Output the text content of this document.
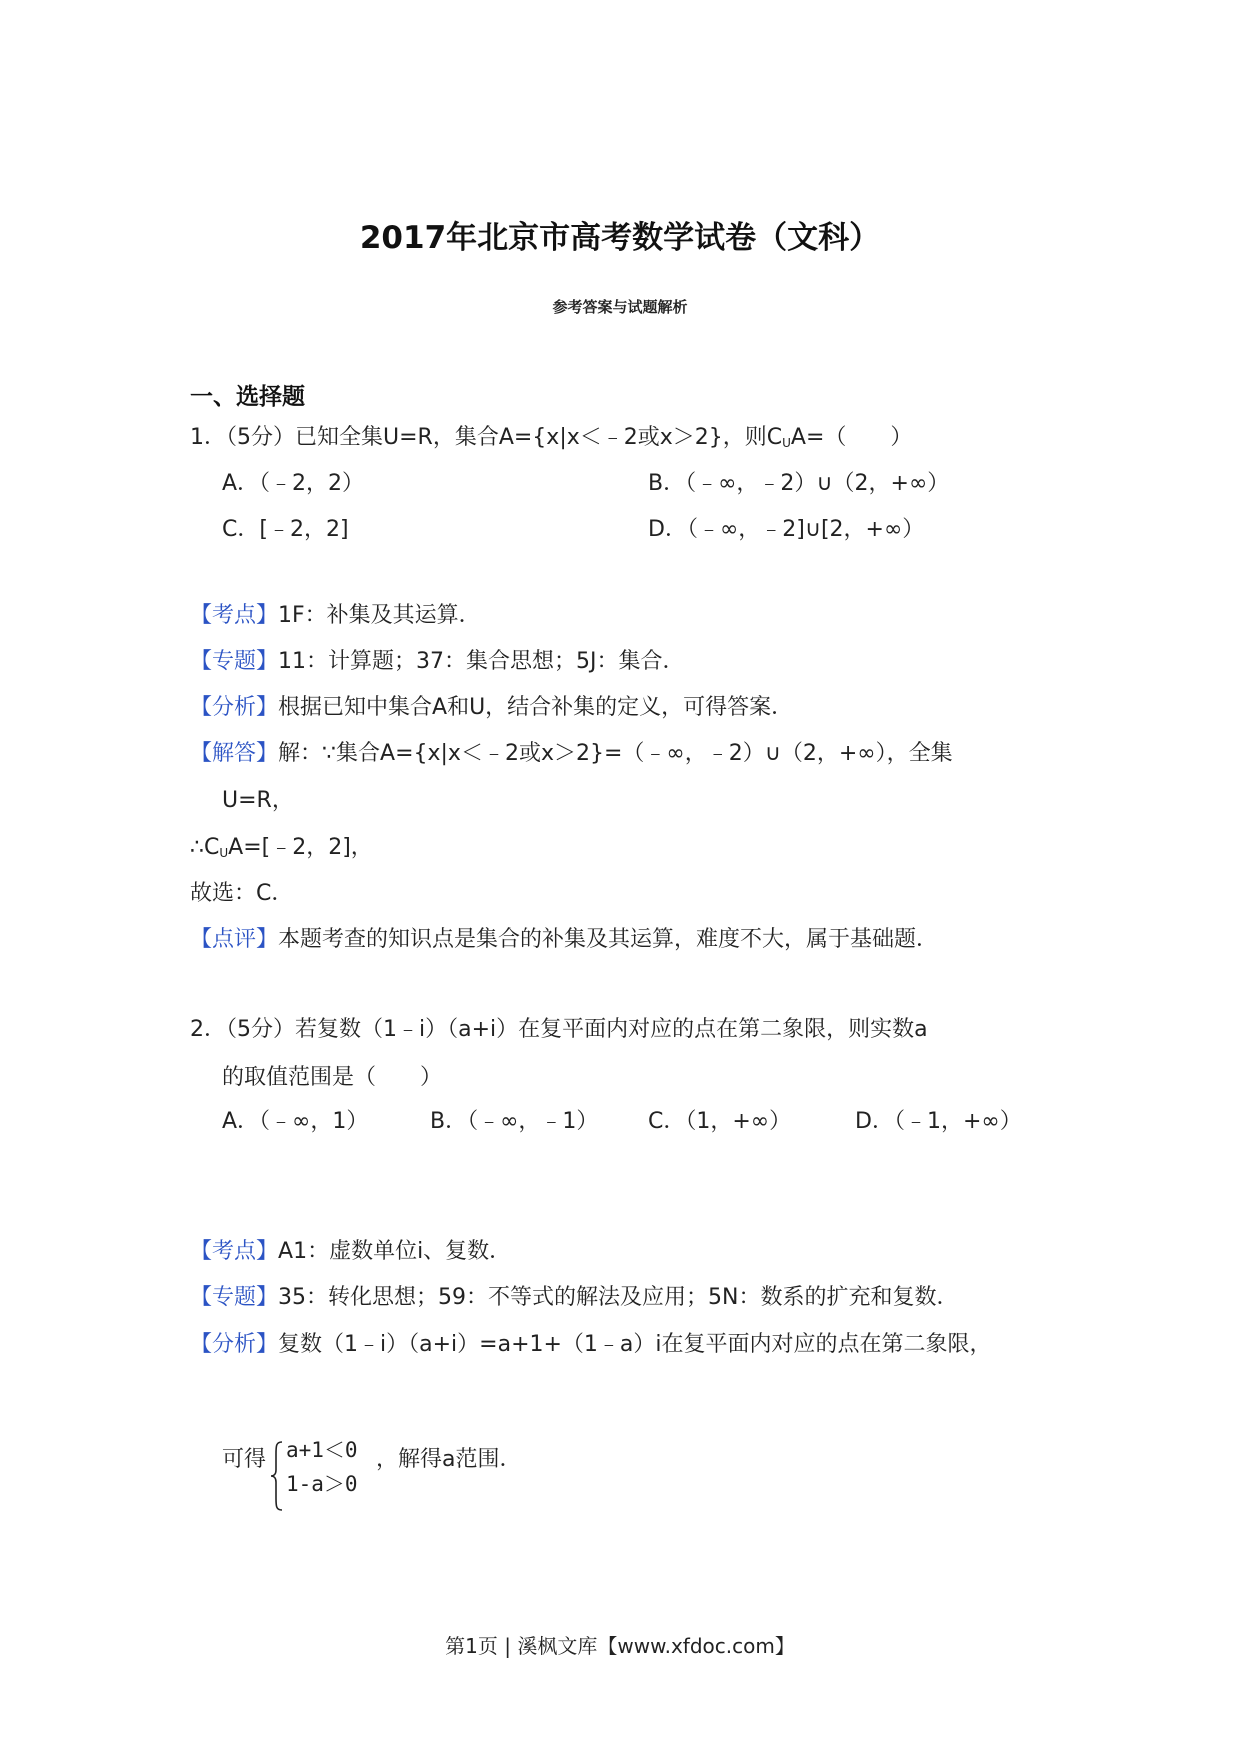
2017年北京市高考数学试卷（文科）
参考答案与试题解析
一、选择题
1．（5分）已知全集U=R，集合A={x|x＜﹣2或x＞2}，则$C_UA=$（　　）
A．（﹣2，2）	B．（﹣∞，﹣2）∪（2，+∞）
C．[﹣2，2]	D．（﹣∞，﹣2]∪[2，+∞）
【考点】1F：补集及其运算．
【专题】11：计算题；37：集合思想；5J：集合．
【分析】根据已知中集合A和U，结合补集的定义，可得答案．
【解答】解：∵集合A={x|x＜﹣2或x＞2}=（﹣∞，﹣2）∪（2，+∞），全集
U=R，
$\therefore C_UA=[﹣2$，2]，
故选：C．
【点评】本题考查的知识点是集合的补集及其运算，难度不大，属于基础题．
2．（5分）若复数（1﹣i）（a+i）在复平面内对应的点在第二象限，则实数a
的取值范围是（　　）
A．（﹣∞，1）	B．（﹣∞，﹣1） C．（1，+∞）	D．（﹣1，+∞）
【考点】A1：虚数单位i、复数．
【专题】35：转化思想；59：不等式的解法及应用；5N：数系的扩充和复数．
【分析】复数（1﹣i）（a+i）=a+1+（1﹣a）i在复平面内对应的点在第二象限，
可得 a+1＜0
1-a＞0
，解得a范围．
第1页 | 溪枫文库【www.xfdoc.com】
